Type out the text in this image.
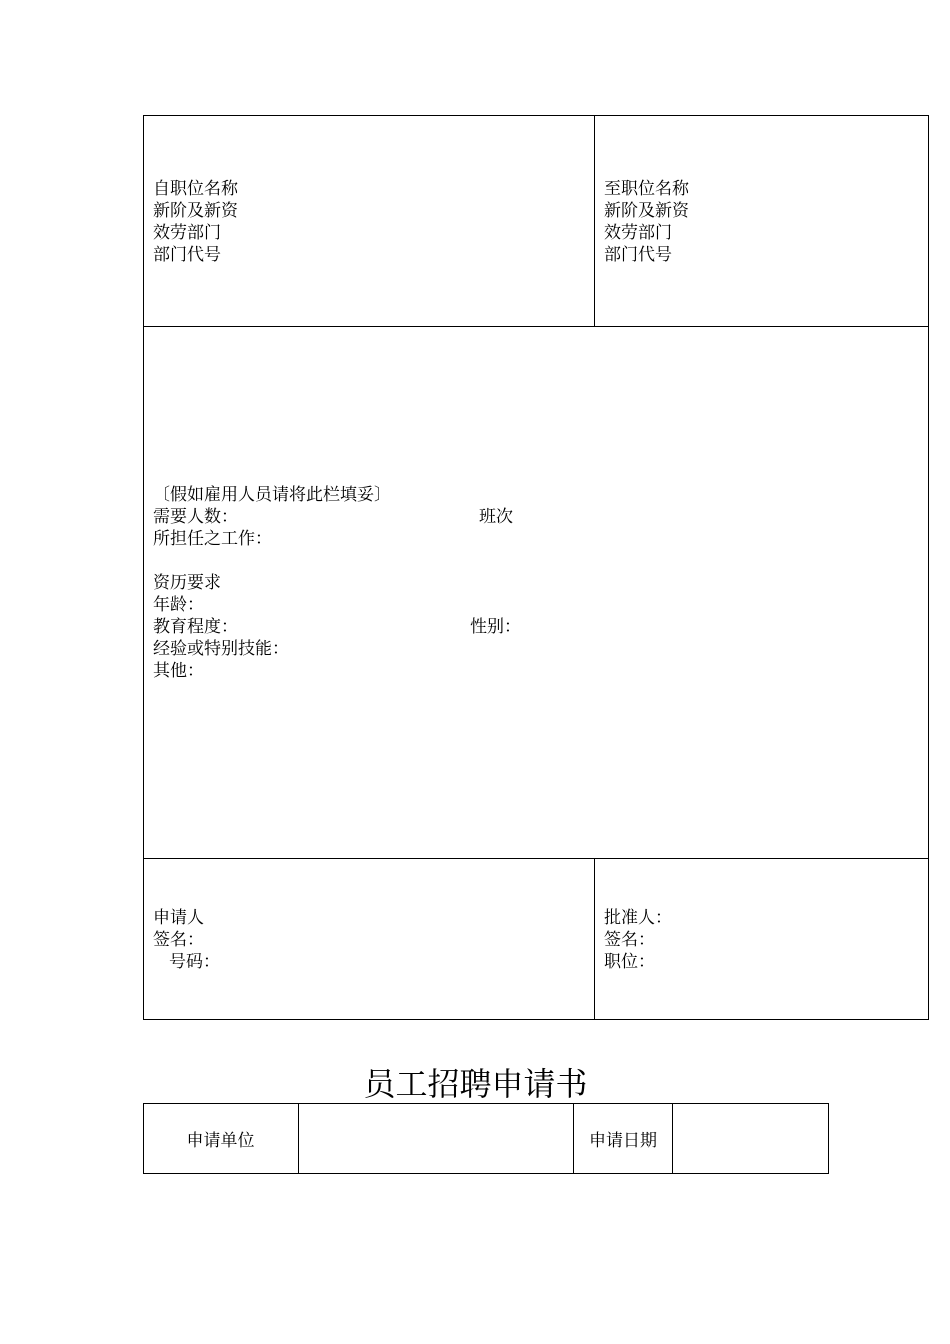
自职位名称
新阶及新资
效劳部门
部门代号
至职位名称
新阶及新资
效劳部门
部门代号
〔假如雇用人员请将此栏填妥〕
需要人数：	班次
所担任之工作：
资历要求
年龄：
教育程度：	性别：
经验或特别技能：
其他：
申请人
签名：
号码：
批准人：
签名：
职位：
员工招聘申请书
申请单位	申请日期
